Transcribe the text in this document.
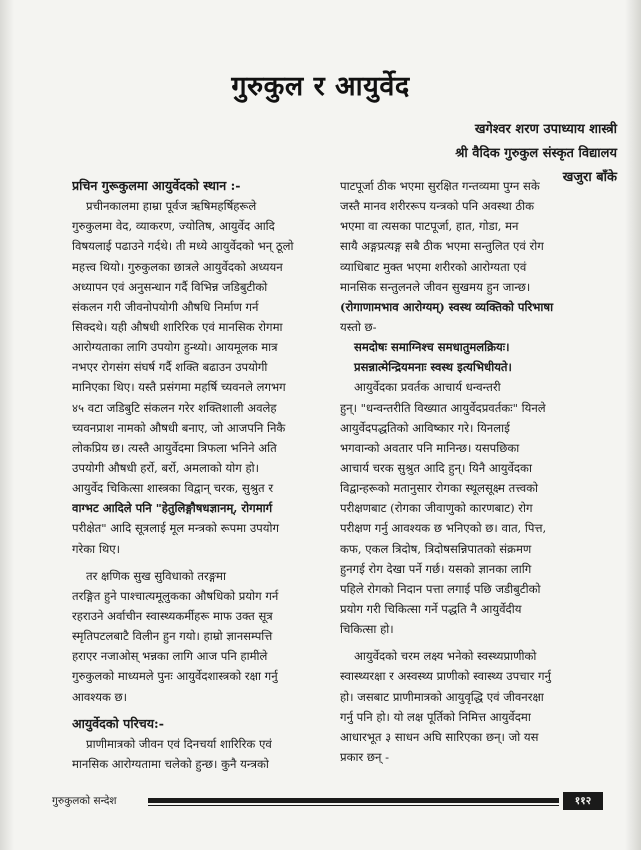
गुरुकुल र आयुर्वेद
खगेश्वर शरण उपाध्याय शास्त्री
श्री वैदिक गुरुकुल संस्कृत विद्यालय
खजुरा बाँके
प्रचिन गुरूकुलमा आयुर्वेदको स्थान :-
प्रचीनकालमा हाम्रा पूर्वज ऋषिमहर्षिहरूले
गुरुकुलमा वेद, व्याकरण, ज्योतिष, आयुर्वेद आदि
विषयलाई पढाउने गर्दथे। ती मध्ये आयुर्वेदको भन् ठूलो
महत्त्व थियो। गुरुकुलका छात्रले आयुर्वेदको अध्ययन
अध्यापन एवं अनुसन्धान गर्दै विभिन्न जडिबुटीको
संकलन गरी जीवनोपयोगी औषधि निर्माण गर्न
सिक्दथे। यही औषधी शारिरिक एवं मानसिक रोगमा
आरोग्यताका लागि उपयोग हुन्थ्यो। आयमूलक मात्र
नभएर रोगसंग संघर्ष गर्दै शक्ति बढाउन उपयोगी
मानिएका थिए। यस्तै प्रसंगमा महर्षि च्यवनले लगभग
४५ वटा जडिबुटि संकलन गरेर शक्तिशाली अवलेह
च्यवनप्राश नामको औषधी बनाए, जो आजपनि निकै
लोकप्रिय छ। त्यस्तै आयुर्वेदमा त्रिफला भनिने अति
उपयोगी औषधी हर्रो, बर्रो, अमलाको योग हो।
आयुर्वेद चिकित्सा शास्त्रका विद्वान् चरक, सुश्रुत र
वाग्भट आदिले पनि "हेतुलिङ्गौषधज्ञानम्, रोगमार्ग
परीक्षेत" आदि सूत्रलाई मूल मन्त्रको रूपमा उपयोग
गरेका थिए।
तर क्षणिक सुख सुविधाको तरङ्गमा
तरङ्गित हुने पाश्चात्यमूलुकका औषधिको प्रयोग गर्न
रहराउने अर्वाचीन स्वास्थ्यकर्मीहरू माफ उक्त सूत्र
स्मृतिपटलबाटै विलीन हुन गयो। हाम्रो ज्ञानसम्पत्ति
हराएर नजाओस् भन्नका लागि आज पनि हामीले
गुरुकुलको माध्यमले पुनः आयुर्वेदशास्त्रको रक्षा गर्नु
आवश्यक छ।
आयुर्वेदको परिचय:-
प्राणीमात्रको जीवन एवं दिनचर्या शारिरिक एवं
मानसिक आरोग्यतामा चलेको हुन्छ। कुनै यन्त्रको
पाटपूर्जा ठीक भएमा सुरक्षित गन्तव्यमा पुग्न सके
जस्तै मानव शरीररूप यन्त्रको पनि अवस्था ठीक
भएमा वा त्यसका पाटपूर्जा, हात, गोडा, मन
सायै अङ्गप्रत्यङ्ग सबै ठीक भएमा सन्तुलित एवं रोग
व्याधिबाट मुक्त भएमा शरीरको आरोग्यता एवं
मानसिक सन्तुलनले जीवन सुखमय हुन जान्छ।
(रोगाणामभाव आरोग्यम्) स्वस्थ व्यक्तिको परिभाषा
यस्तो छ-
समदोषः समाग्निश्च समधातुमलक्रियः।
प्रसन्नात्मेन्द्रियमनाः स्वस्थ इत्यभिधीयते।
आयुर्वेदका प्रवर्तक आचार्य धन्वन्तरी
हुन्। "धन्वन्तरीति विख्यात आयुर्वेदप्रवर्तकः" यिनले
आयुर्वेदपद्धतिको आविष्कार गरे। यिनलाई
भगवान्को अवतार पनि मानिन्छ। यसपछिका
आचार्य चरक सुश्रुत आदि हुन्। यिनै आयुर्वेदका
विद्वान्हरूको मतानुसार रोगका स्थूलसूक्ष्म तत्त्वको
परीक्षणबाट (रोगका जीवाणुको कारणबाट) रोग
परीक्षण गर्नु आवश्यक छ भनिएको छ। वात, पित्त,
कफ, एकल त्रिदोष, त्रिदोषसन्निपातको संक्रमण
हुनगई रोग देखा पर्ने गर्छ। यसको ज्ञानका लागि
पहिले रोगको निदान पत्ता लगाई पछि जडीबुटीको
प्रयोग गरी चिकित्सा गर्ने पद्धति नै आयुर्वेदीय
चिकित्सा हो।
आयुर्वेदको चरम लक्ष्य भनेको स्वस्थ्यप्राणीको
स्वास्थ्यरक्षा र अस्वस्थ्य प्राणीको स्वास्थ्य उपचार गर्नु
हो। जसबाट प्राणीमात्रको आयुवृद्धि एवं जीवनरक्षा
गर्नु पनि हो। यो लक्ष पूर्तिको निमित्त आयुर्वेदमा
आधारभूत ३ साधन अघि सारिएका छन्। जो यस
प्रकार छन् -
गुरुकुलको सन्देश	११२
